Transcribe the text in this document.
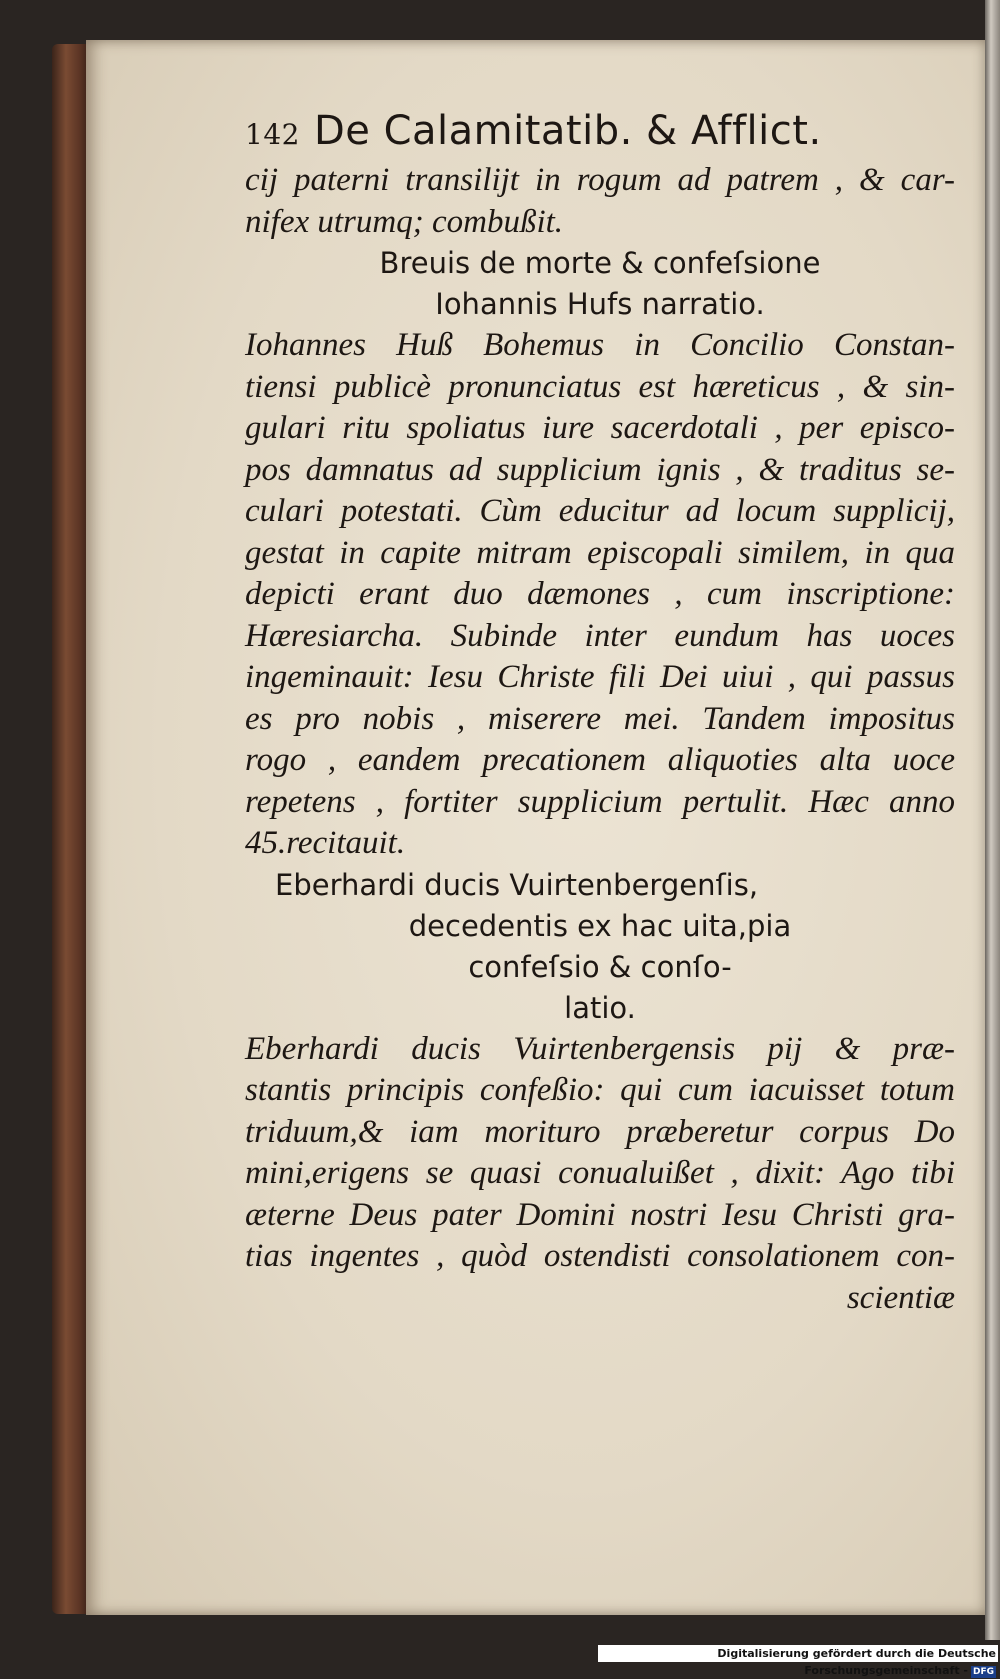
142 De Calamitatib. & Afflict.
cij paterni transilijt in rogum ad patrem , & car-
nifex utrumq; combußit.
Breuis de morte & confeſsione
Iohannis Hufs narratio.
Iohannes Huß Bohemus in Concilio Constan-
tiensi publicè pronunciatus est hæreticus , & sin-
gulari ritu spoliatus iure sacerdotali , per episco-
pos damnatus ad supplicium ignis , & traditus se-
culari potestati. Cùm educitur ad locum supplicij,
gestat in capite mitram episcopali similem, in qua
depicti erant duo dæmones , cum inscriptione:
Hæresiarcha. Subinde inter eundum has uoces
ingeminauit: Iesu Christe fili Dei uiui , qui passus
es pro nobis , miserere mei. Tandem impositus
rogo , eandem precationem aliquoties alta uoce
repetens , fortiter supplicium pertulit. Hæc anno
45.recitauit.
Eberhardi ducis Vuirtenbergenſis,
decedentis ex hac uita,pia
confeſsio & conſo-
latio.
Eberhardi ducis Vuirtenbergensis pij & præ-
stantis principis confeßio: qui cum iacuisset totum
triduum,& iam morituro præberetur corpus Do
mini,erigens se quasi conualuißet , dixit: Ago tibi
æterne Deus pater Domini nostri Iesu Christi gra-
tias ingentes , quòd ostendisti consolationem con-
scientiæ
Digitalisierung gefördert durch die Deutsche Forschungsgemeinschaft - DFG
